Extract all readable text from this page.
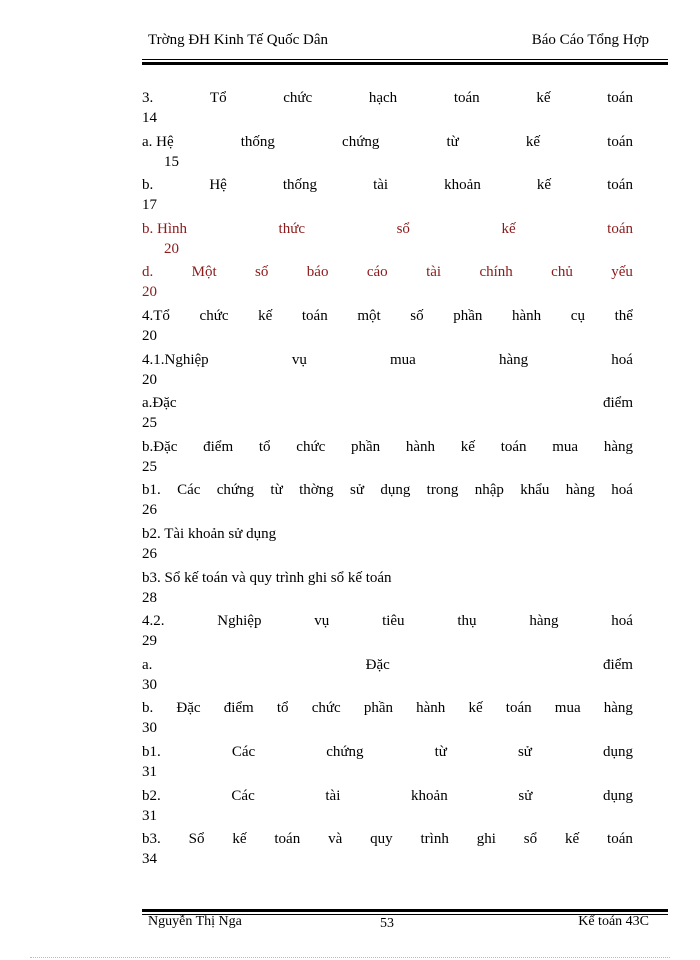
Trờng ĐH Kinh Tế Quốc Dân	Báo Cáo Tổng Hợp
3.	Tổ	chức	hạch	toán	kế	toán
14
a. Hệ	thống	chứng	từ	kế	toán
15
b.	Hệ	thống	tài	khoản	kế	toán
17
b. Hình	thức	sổ	kế	toán
20
d.	Một	số	báo	cáo	tài	chính	chủ	yếu
20
4.Tổ chức kế toán một số phần hành cụ thể
20
4.1.Nghiệp	vụ	mua	hàng	hoá
20
a.Đặc	điểm
25
b.Đặc điểm tổ chức phần hành kế toán mua hàng
25
b1. Các chứng từ thờng sử dụng trong nhập khẩu hàng hoá
26
b2. Tài khoản sử dụng
26
b3. Sổ kế toán và quy trình ghi sổ kế toán
28
4.2.	Nghiệp	vụ	tiêu	thụ	hàng	hoá
29
a.	Đặc	điểm
30
b. Đặc điểm tổ chức phần hành kế toán mua hàng
30
b1.	Các	chứng	từ	sử	dụng
31
b2.	Các	tài	khoản	sử	dụng
31
b3. Sổ kế toán và quy trình ghi sổ kế toán
34
Nguyễn Thị Nga	53	Kế toán 43C
